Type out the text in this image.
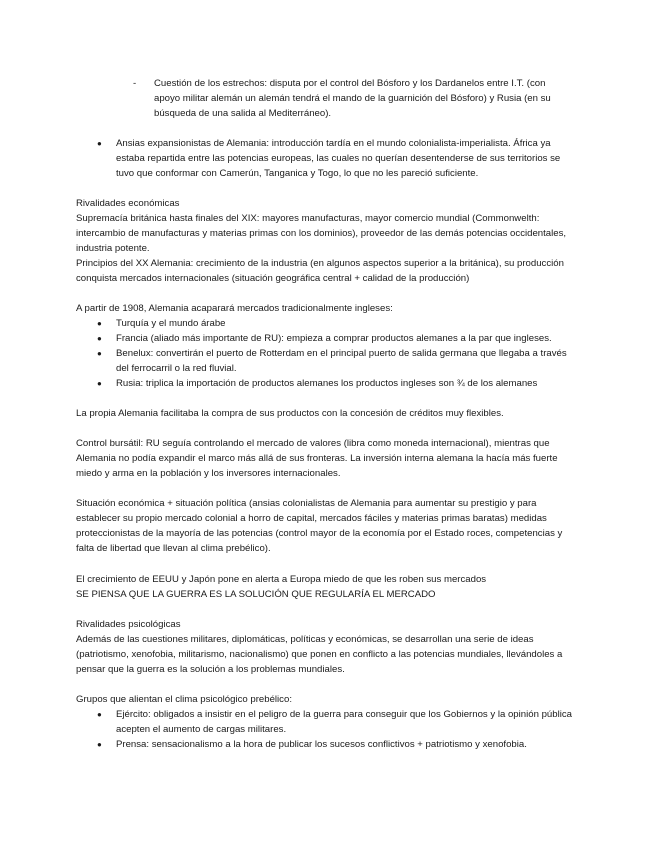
- Cuestión de los estrechos: disputa por el control del Bósforo y los Dardanelos entre I.T. (con
apoyo militar alemán un alemán tendrá el mando de la guarnición del Bósforo) y Rusia (en su
búsqueda de una salida al Mediterráneo).
● Ansias expansionistas de Alemania: introducción tardía en el mundo colonialista-imperialista. África ya
estaba repartida entre las potencias europeas, las cuales no querían desentenderse de sus territorios se
tuvo que conformar con Camerún, Tanganica y Togo, lo que no les pareció suficiente.
Rivalidades económicas
Supremacía británica hasta finales del XIX: mayores manufacturas, mayor comercio mundial (Commonwelth:
intercambio de manufacturas y materias primas con los dominios), proveedor de las demás potencias occidentales,
industria potente.
Principios del XX Alemania: crecimiento de la industria (en algunos aspectos superior a la británica), su producción
conquista mercados internacionales (situación geográfica central + calidad de la producción)
A partir de 1908, Alemania acaparará mercados tradicionalmente ingleses:
● Turquía y el mundo árabe
● Francia (aliado más importante de RU): empieza a comprar productos alemanes a la par que ingleses.
● Benelux: convertirán el puerto de Rotterdam en el principal puerto de salida germana que llegaba a través
del ferrocarril o la red fluvial.
● Rusia: triplica la importación de productos alemanes los productos ingleses son ¾ de los alemanes
La propia Alemania facilitaba la compra de sus productos con la concesión de créditos muy flexibles.
Control bursátil: RU seguía controlando el mercado de valores (libra como moneda internacional), mientras que
Alemania no podía expandir el marco más allá de sus fronteras. La inversión interna alemana la hacía más fuerte
miedo y arma en la población y los inversores internacionales.
Situación económica + situación política (ansias colonialistas de Alemania para aumentar su prestigio y para
establecer su propio mercado colonial a horro de capital, mercados fáciles y materias primas baratas) medidas
proteccionistas de la mayoría de las potencias (control mayor de la economía por el Estado roces, competencias y
falta de libertad que llevan al clima prebélico).
El crecimiento de EEUU y Japón pone en alerta a Europa miedo de que les roben sus mercados
SE PIENSA QUE LA GUERRA ES LA SOLUCIÓN QUE REGULARÍA EL MERCADO
Rivalidades psicológicas
Además de las cuestiones militares, diplomáticas, políticas y económicas, se desarrollan una serie de ideas
(patriotismo, xenofobia, militarismo, nacionalismo) que ponen en conflicto a las potencias mundiales, llevándoles a
pensar que la guerra es la solución a los problemas mundiales.
Grupos que alientan el clima psicológico prebélico:
● Ejército: obligados a insistir en el peligro de la guerra para conseguir que los Gobiernos y la opinión pública
acepten el aumento de cargas militares.
● Prensa: sensacionalismo a la hora de publicar los sucesos conflictivos + patriotismo y xenofobia.
